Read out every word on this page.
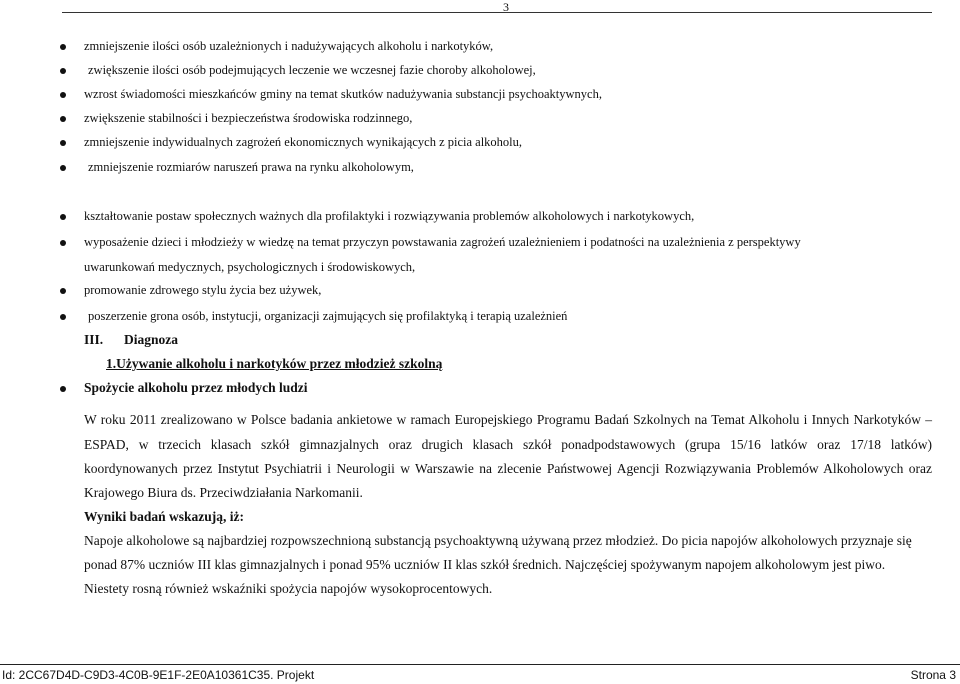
3
zmniejszenie ilości osób uzależnionych i nadużywających alkoholu i narkotyków,
zwiększenie ilości osób podejmujących leczenie we wczesnej fazie choroby alkoholowej,
wzrost świadomości mieszkańców gminy na temat skutków nadużywania substancji psychoaktywnych,
zwiększenie stabilności i bezpieczeństwa środowiska rodzinnego,
zmniejszenie indywidualnych zagrożeń ekonomicznych wynikających z picia alkoholu,
zmniejszenie rozmiarów naruszeń prawa na rynku alkoholowym,
kształtowanie postaw społecznych ważnych dla profilaktyki i rozwiązywania problemów alkoholowych i narkotykowych,
wyposażenie dzieci i młodzieży w wiedzę na temat przyczyn powstawania zagrożeń uzależnieniem i podatności na uzależnienia z perspektywy
uwarunkowań medycznych, psychologicznych i środowiskowych,
promowanie zdrowego stylu życia bez używek,
poszerzenie grona osób, instytucji, organizacji zajmujących się profilaktyką i terapią uzależnień
III. Diagnoza
1.Używanie alkoholu i narkotyków przez młodzież szkolną
Spożycie alkoholu przez młodych ludzi
W roku 2011 zrealizowano w Polsce badania ankietowe w ramach Europejskiego Programu Badań Szkolnych na Temat Alkoholu i Innych Narkotyków –
ESPAD, w trzecich klasach szkół gimnazjalnych oraz drugich klasach szkół ponadpodstawowych (grupa 15/16 latków oraz 17/18 latków)
koordynowanych przez Instytut Psychiatrii i Neurologii w Warszawie na zlecenie Państwowej Agencji Rozwiązywania Problemów Alkoholowych oraz
Krajowego Biura ds. Przeciwdziałania Narkomanii.
Wyniki badań wskazują, iż:
Napoje alkoholowe są najbardziej rozpowszechnioną substancją psychoaktywną używaną przez młodzież. Do picia napojów alkoholowych przyznaje się
ponad 87% uczniów III klas gimnazjalnych i ponad 95% uczniów II klas szkół średnich. Najczęściej spożywanym napojem alkoholowym jest piwo.
Niestety rosną również wskaźniki spożycia napojów wysokoprocentowych.
Id: 2CC67D4D-C9D3-4C0B-9E1F-2E0A10361C35. Projekt	Strona 3
